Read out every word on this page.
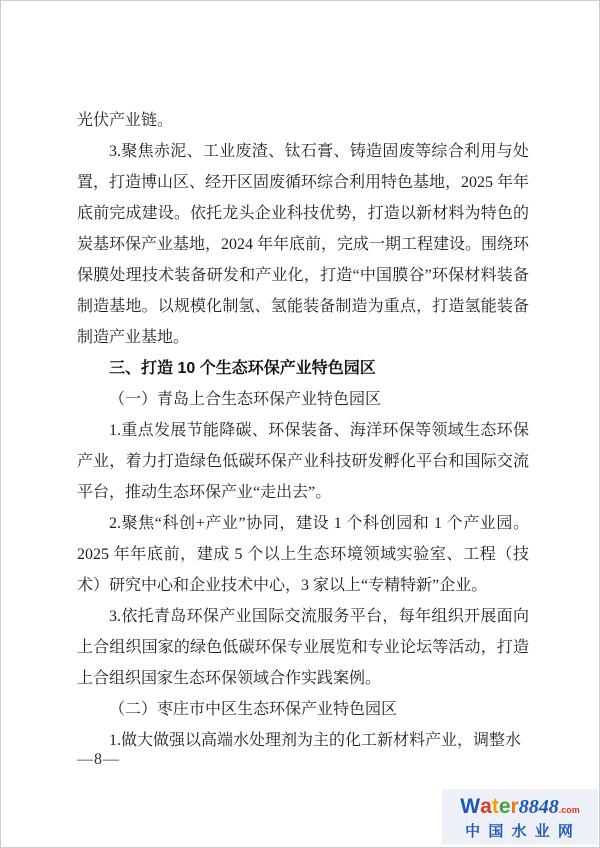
光伏产业链。

3.聚焦赤泥、工业废渣、钛石膏、铸造固废等综合利用与处置，打造博山区、经开区固废循环综合利用特色基地，2025 年年底前完成建设。依托龙头企业科技优势，打造以新材料为特色的炭基环保产业基地，2024 年年底前，完成一期工程建设。围绕环保膜处理技术装备研发和产业化，打造“中国膜谷”环保材料装备制造基地。以规模化制氢、氢能装备制造为重点，打造氢能装备制造产业基地。

三、打造 10 个生态环保产业特色园区

（一）青岛上合生态环保产业特色园区

1.重点发展节能降碳、环保装备、海洋环保等领域生态环保产业，着力打造绿色低碳环保产业科技研发孵化平台和国际交流平台，推动生态环保产业“走出去”。

2.聚焦“科创+产业”协同，建设 1 个科创园和 1 个产业园。2025 年年底前，建成 5 个以上生态环境领域实验室、工程（技术）研究中心和企业技术中心，3 家以上“专精特新”企业。

3.依托青岛环保产业国际交流服务平台，每年组织开展面向上合组织国家的绿色低碳环保专业展览和专业论坛等活动，打造上合组织国家生态环保领域合作实践案例。

（二）枣庄市中区生态环保产业特色园区

1.做大做强以高端水处理剂为主的化工新材料产业，调整水

—8—
Water8848.com
中 国 水 业 网
